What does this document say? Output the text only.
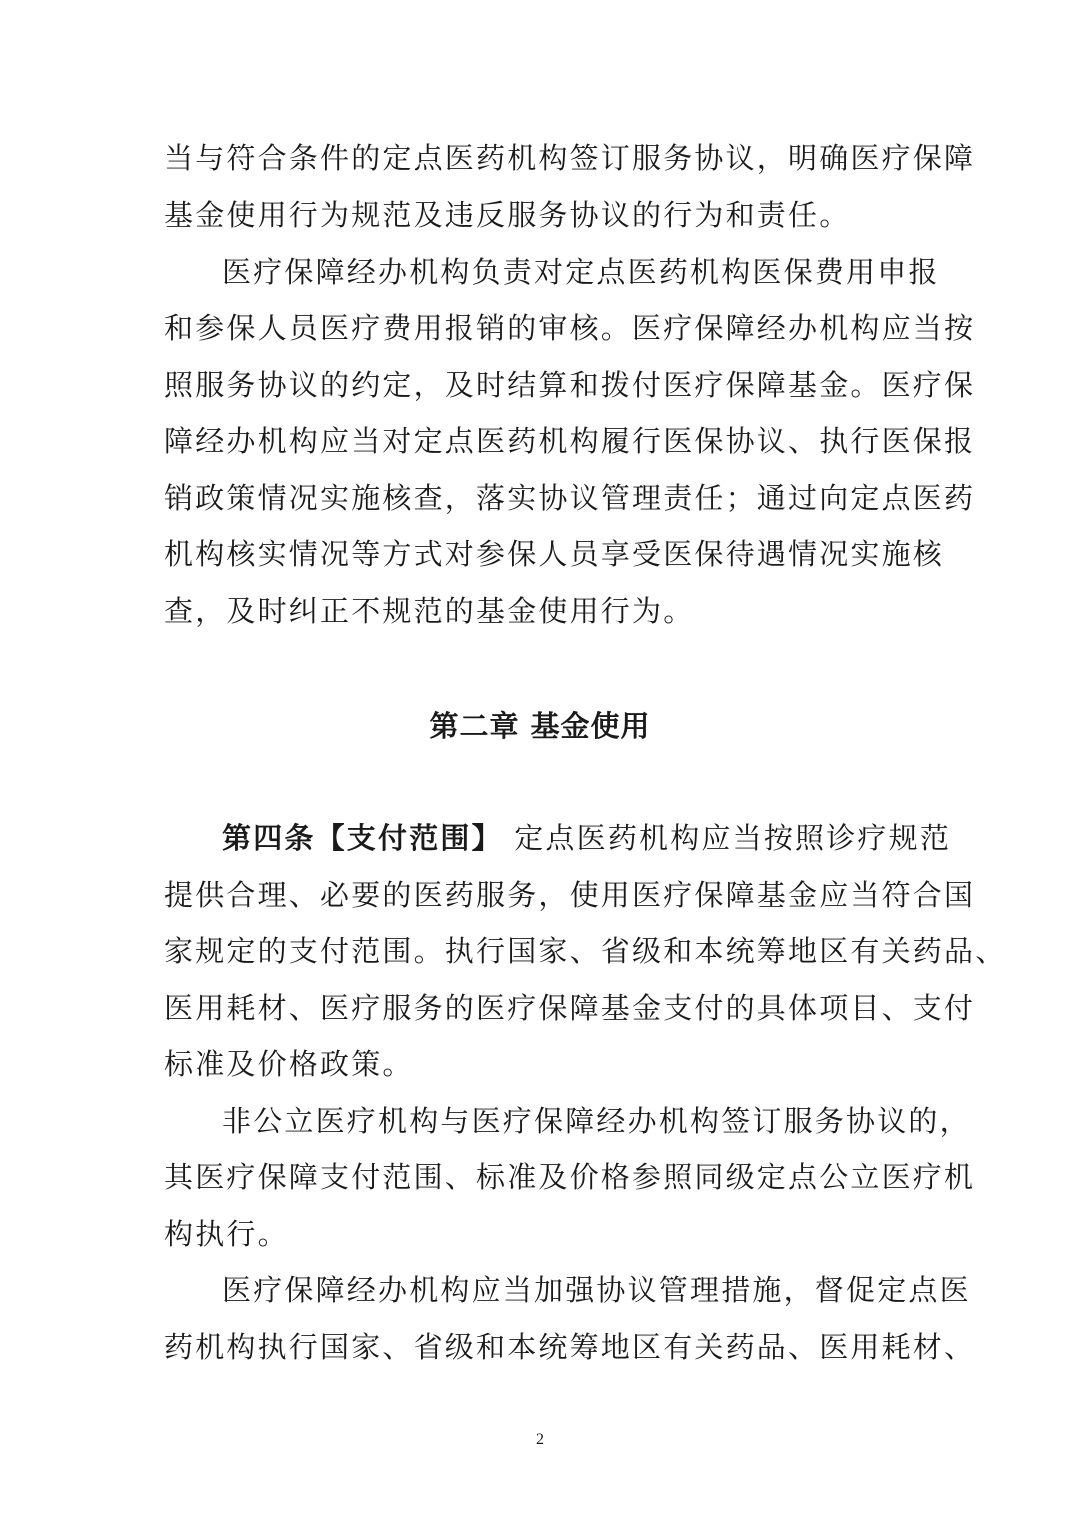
当与符合条件的定点医药机构签订服务协议，明确医疗保障
基金使用行为规范及违反服务协议的行为和责任。
医疗保障经办机构负责对定点医药机构医保费用申报
和参保人员医疗费用报销的审核。医疗保障经办机构应当按
照服务协议的约定，及时结算和拨付医疗保障基金。医疗保
障经办机构应当对定点医药机构履行医保协议、执行医保报
销政策情况实施核查，落实协议管理责任；通过向定点医药
机构核实情况等方式对参保人员享受医保待遇情况实施核
查，及时纠正不规范的基金使用行为。
第二章 基金使用
第四条【支付范围】 定点医药机构应当按照诊疗规范
提供合理、必要的医药服务，使用医疗保障基金应当符合国
家规定的支付范围。执行国家、省级和本统筹地区有关药品、
医用耗材、医疗服务的医疗保障基金支付的具体项目、支付
标准及价格政策。
非公立医疗机构与医疗保障经办机构签订服务协议的，
其医疗保障支付范围、标准及价格参照同级定点公立医疗机
构执行。
医疗保障经办机构应当加强协议管理措施，督促定点医
药机构执行国家、省级和本统筹地区有关药品、医用耗材、
2
